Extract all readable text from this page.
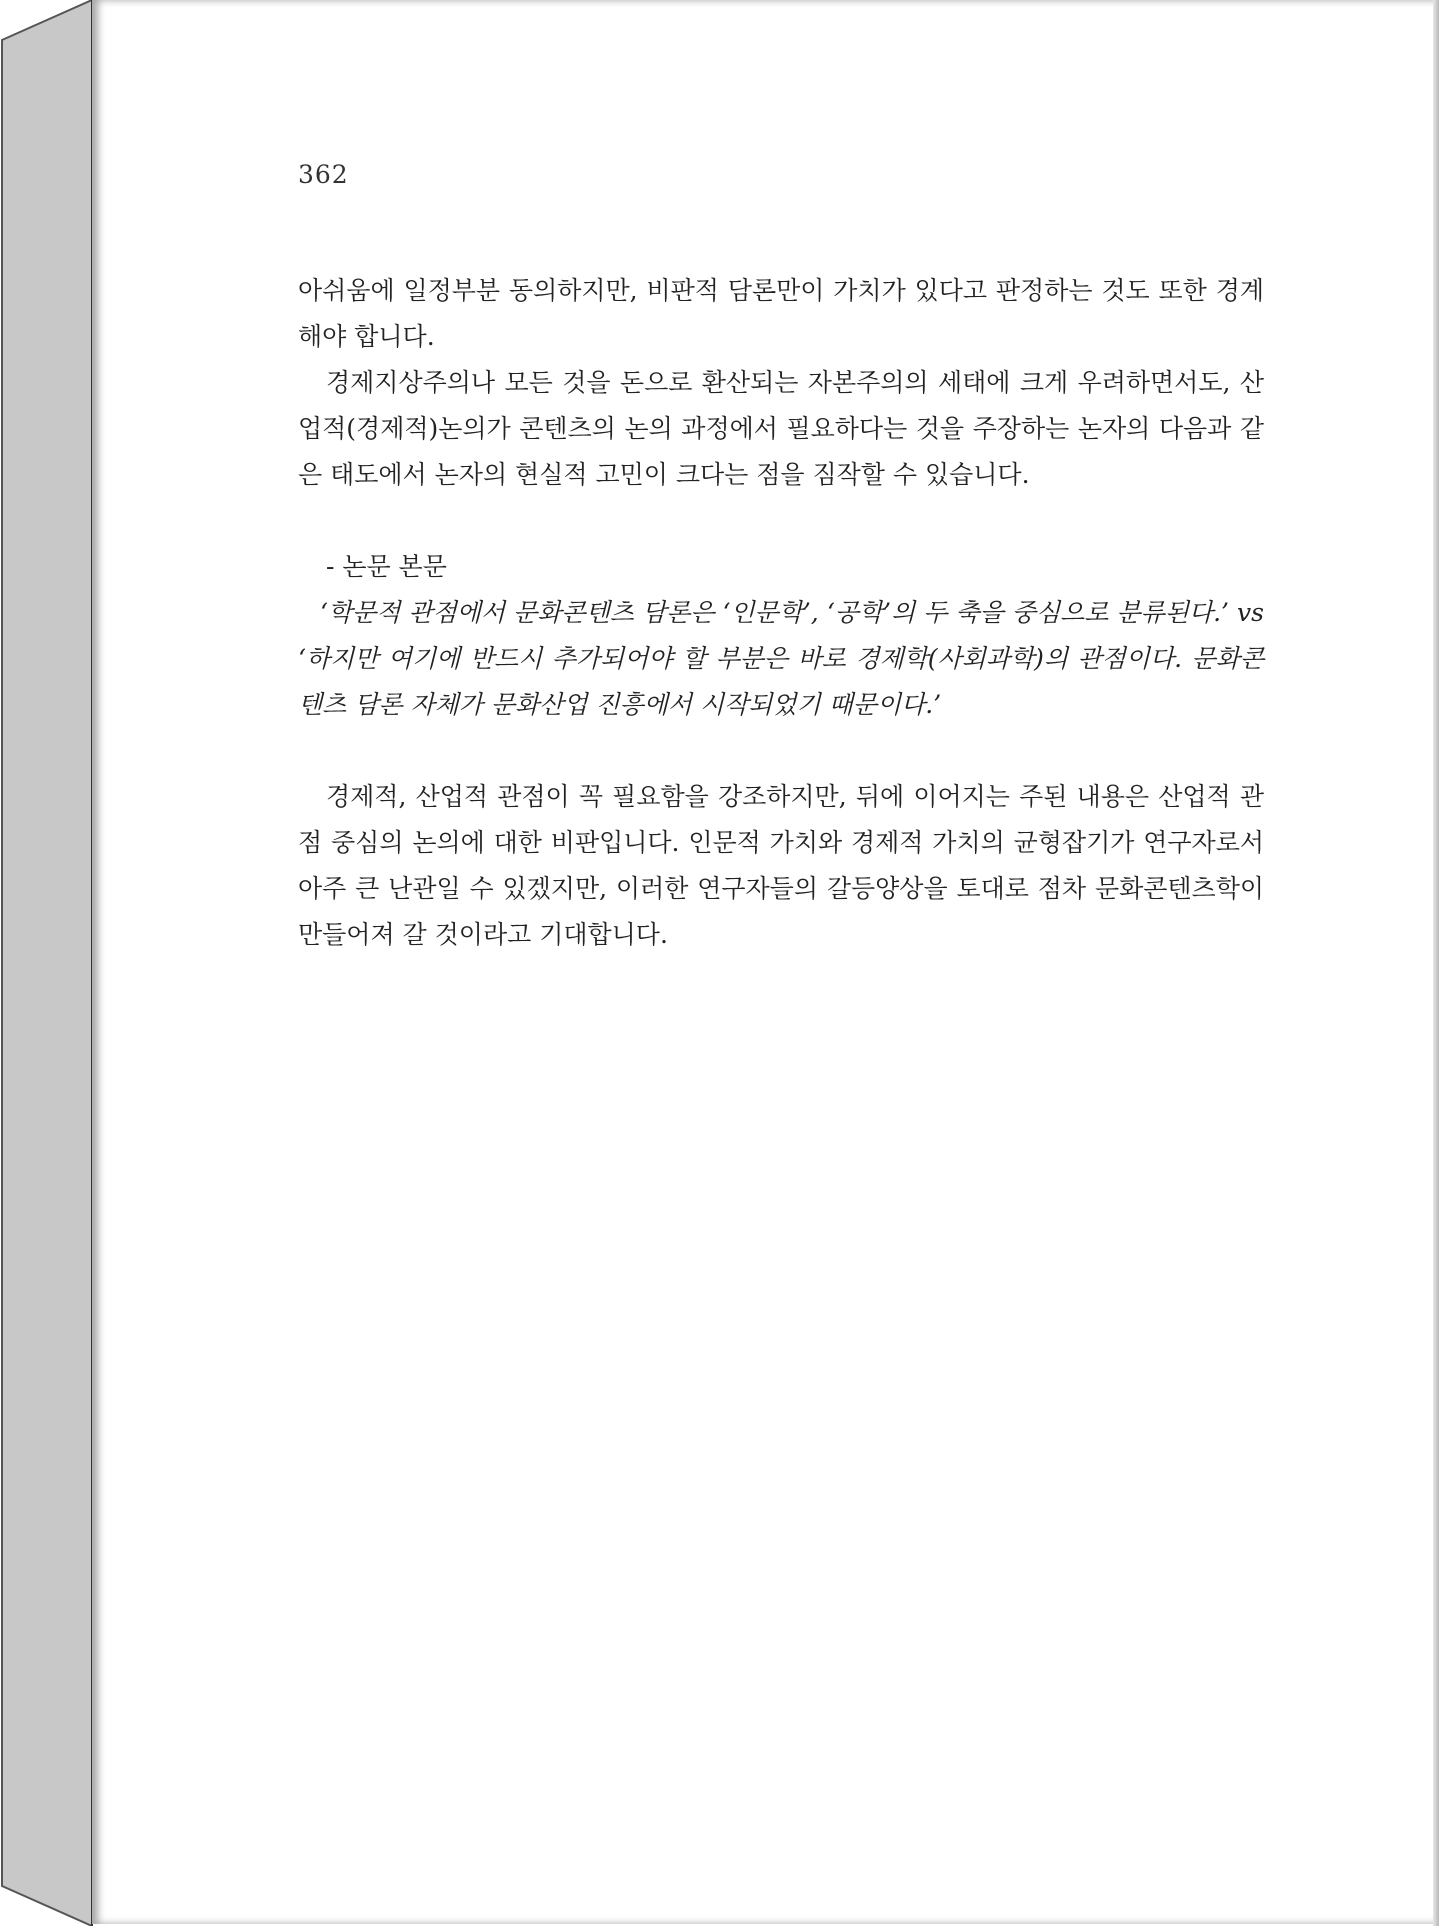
362

아쉬움에 일정부분 동의하지만, 비판적 담론만이 가치가 있다고 판정하는 것도 또한 경계해야 합니다.

경제지상주의나 모든 것을 돈으로 환산되는 자본주의의 세태에 크게 우려하면서도, 산업적(경제적)논의가 콘텐츠의 논의 과정에서 필요하다는 것을 주장하는 논자의 다음과 같은 태도에서 논자의 현실적 고민이 크다는 점을 짐작할 수 있습니다.

- 논문 본문

‘학문적 관점에서 문화콘텐츠 담론은 ‘인문학’, ‘공학’의 두 축을 중심으로 분류된다.’ vs ‘하지만 여기에 반드시 추가되어야 할 부분은 바로 경제학(사회과학)의 관점이다. 문화콘텐츠 담론 자체가 문화산업 진흥에서 시작되었기 때문이다.’

경제적, 산업적 관점이 꼭 필요함을 강조하지만, 뒤에 이어지는 주된 내용은 산업적 관점 중심의 논의에 대한 비판입니다. 인문적 가치와 경제적 가치의 균형잡기가 연구자로서 아주 큰 난관일 수 있겠지만, 이러한 연구자들의 갈등양상을 토대로 점차 문화콘텐츠학이 만들어져 갈 것이라고 기대합니다.
